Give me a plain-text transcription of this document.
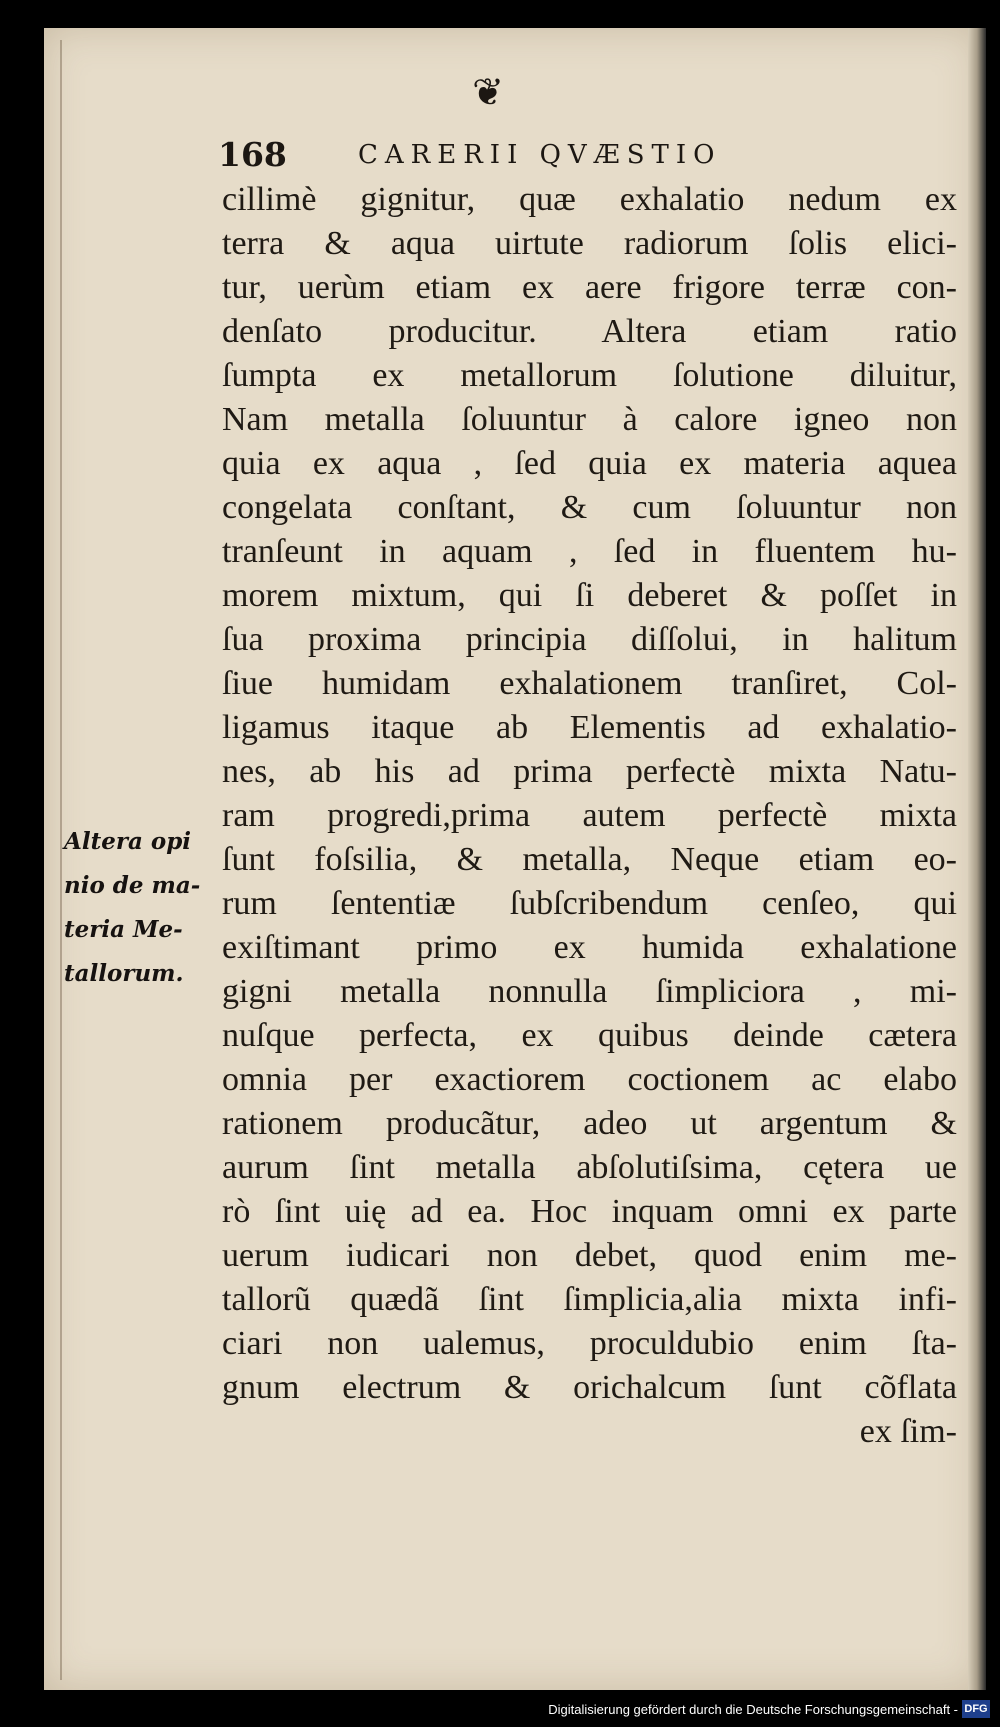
❦
168	CARERII QVÆSTIO
Altera opi
nio de ma-
teria Me-
tallorum.
cillimè gignitur, quæ exhalatio nedum ex
terra & aqua uirtute radiorum ſolis elici-
tur, uerùm etiam ex aere frigore terræ con-
denſato producitur. Altera etiam ratio
ſumpta ex metallorum ſolutione diluitur,
Nam metalla ſoluuntur à calore igneo non
quia ex aqua , ſed quia ex materia aquea
congelata conſtant, & cum ſoluuntur non
tranſeunt in aquam , ſed in fluentem hu-
morem mixtum, qui ſi deberet & poſſet in
ſua proxima principia diſſolui, in halitum
ſiue humidam exhalationem tranſiret, Col-
ligamus itaque ab Elementis ad exhalatio-
nes, ab his ad prima perfectè mixta Natu-
ram progredi,prima autem perfectè mixta
ſunt foſsilia, & metalla, Neque etiam eo-
rum ſententiæ ſubſcribendum cenſeo, qui
exiſtimant primo ex humida exhalatione
gigni metalla nonnulla ſimpliciora , mi-
nuſque perfecta, ex quibus deinde cætera
omnia per exactiorem coctionem ac elabo
rationem producãtur, adeo ut argentum &
aurum ſint metalla abſolutiſsima, cętera ue
rò ſint uię ad ea. Hoc inquam omni ex parte
uerum iudicari non debet, quod enim me-
tallorũ quædã ſint ſimplicia,alia mixta infi-
ciari non ualemus, proculdubio enim ſta-
gnum electrum & orichalcum ſunt cõflata
ex ſim-
Digitalisierung gefördert durch die Deutsche Forschungsgemeinschaft - DFG
